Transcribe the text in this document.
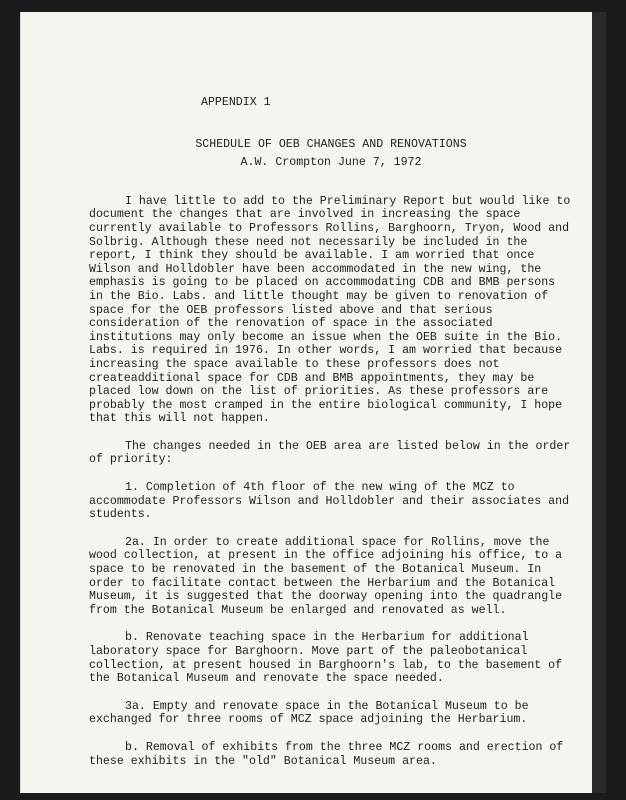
APPENDIX 1

SCHEDULE OF OEB CHANGES AND RENOVATIONS

A.W. Crompton June 7, 1972

I have little to add to the Preliminary Report but would like to document the changes that are involved in increasing the space currently available to Professors Rollins, Barghoorn, Tryon, Wood and Solbrig. Although these need not necessarily be included in the report, I think they should be available. I am worried that once Wilson and Holldobler have been accommodated in the new wing, the emphasis is going to be placed on accommodating CDB and BMB persons in the Bio. Labs. and little thought may be given to renovation of space for the OEB professors listed above and that serious consideration of the renovation of space in the associated institutions may only become an issue when the OEB suite in the Bio. Labs. is required in 1976. In other words, I am worried that because increasing the space available to these professors does not createadditional space for CDB and BMB appointments, they may be placed low down on the list of priorities. As these professors are probably the most cramped in the entire biological community, I hope that this will not happen.

The changes needed in the OEB area are listed below in the order of priority:

1. Completion of 4th floor of the new wing of the MCZ to accommodate Professors Wilson and Holldobler and their associates and students.

2a. In order to create additional space for Rollins, move the wood collection, at present in the office adjoining his office, to a space to be renovated in the basement of the Botanical Museum. In order to facilitate contact between the Herbarium and the Botanical Museum, it is suggested that the doorway opening into the quadrangle from the Botanical Museum be enlarged and renovated as well.

b. Renovate teaching space in the Herbarium for additional laboratory space for Barghoorn. Move part of the paleobotanical collection, at present housed in Barghoorn's lab, to the basement of the Botanical Museum and renovate the space needed.

3a. Empty and renovate space in the Botanical Museum to be exchanged for three rooms of MCZ space adjoining the Herbarium.

b. Removal of exhibits from the three MCZ rooms and erection of these exhibits in the "old" Botanical Museum area.
